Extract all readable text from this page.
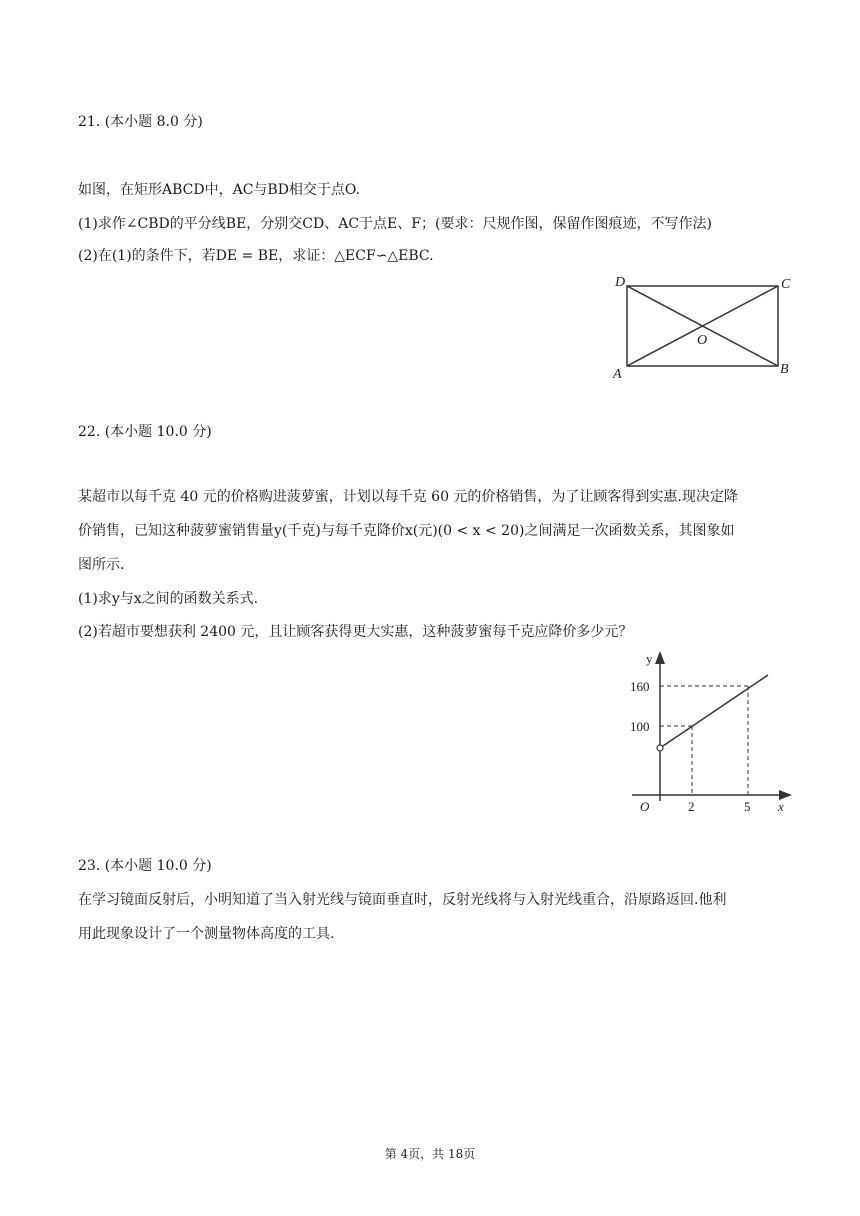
21. (本小题 8.0 分)
如图，在矩形ABCD中，AC与BD相交于点O.
(1)求作∠CBD的平分线BE，分别交CD、AC于点E、F；(要求：尺规作图，保留作图痕迹，不写作法)
(2)在(1)的条件下，若DE = BE，求证：△ECF∽△EBC.
D	C
A	B
O
22. (本小题 10.0 分)
某超市以每千克 40 元的价格购进菠萝蜜，计划以每千克 60 元的价格销售，为了让顾客得到实惠.现决定降
价销售，已知这种菠萝蜜销售量y(千克)与每千克降价x(元)(0 < x < 20)之间满足一次函数关系，其图象如
图所示.
(1)求y与x之间的函数关系式.
(2)若超市要想获利 2400 元，且让顾客获得更大实惠，这种菠萝蜜每千克应降价多少元？
y
x
O
160
100
2	5
23. (本小题 10.0 分)
在学习镜面反射后，小明知道了当入射光线与镜面垂直时，反射光线将与入射光线重合，沿原路返回.他利
用此现象设计了一个测量物体高度的工具.
第 4页，共 18页
